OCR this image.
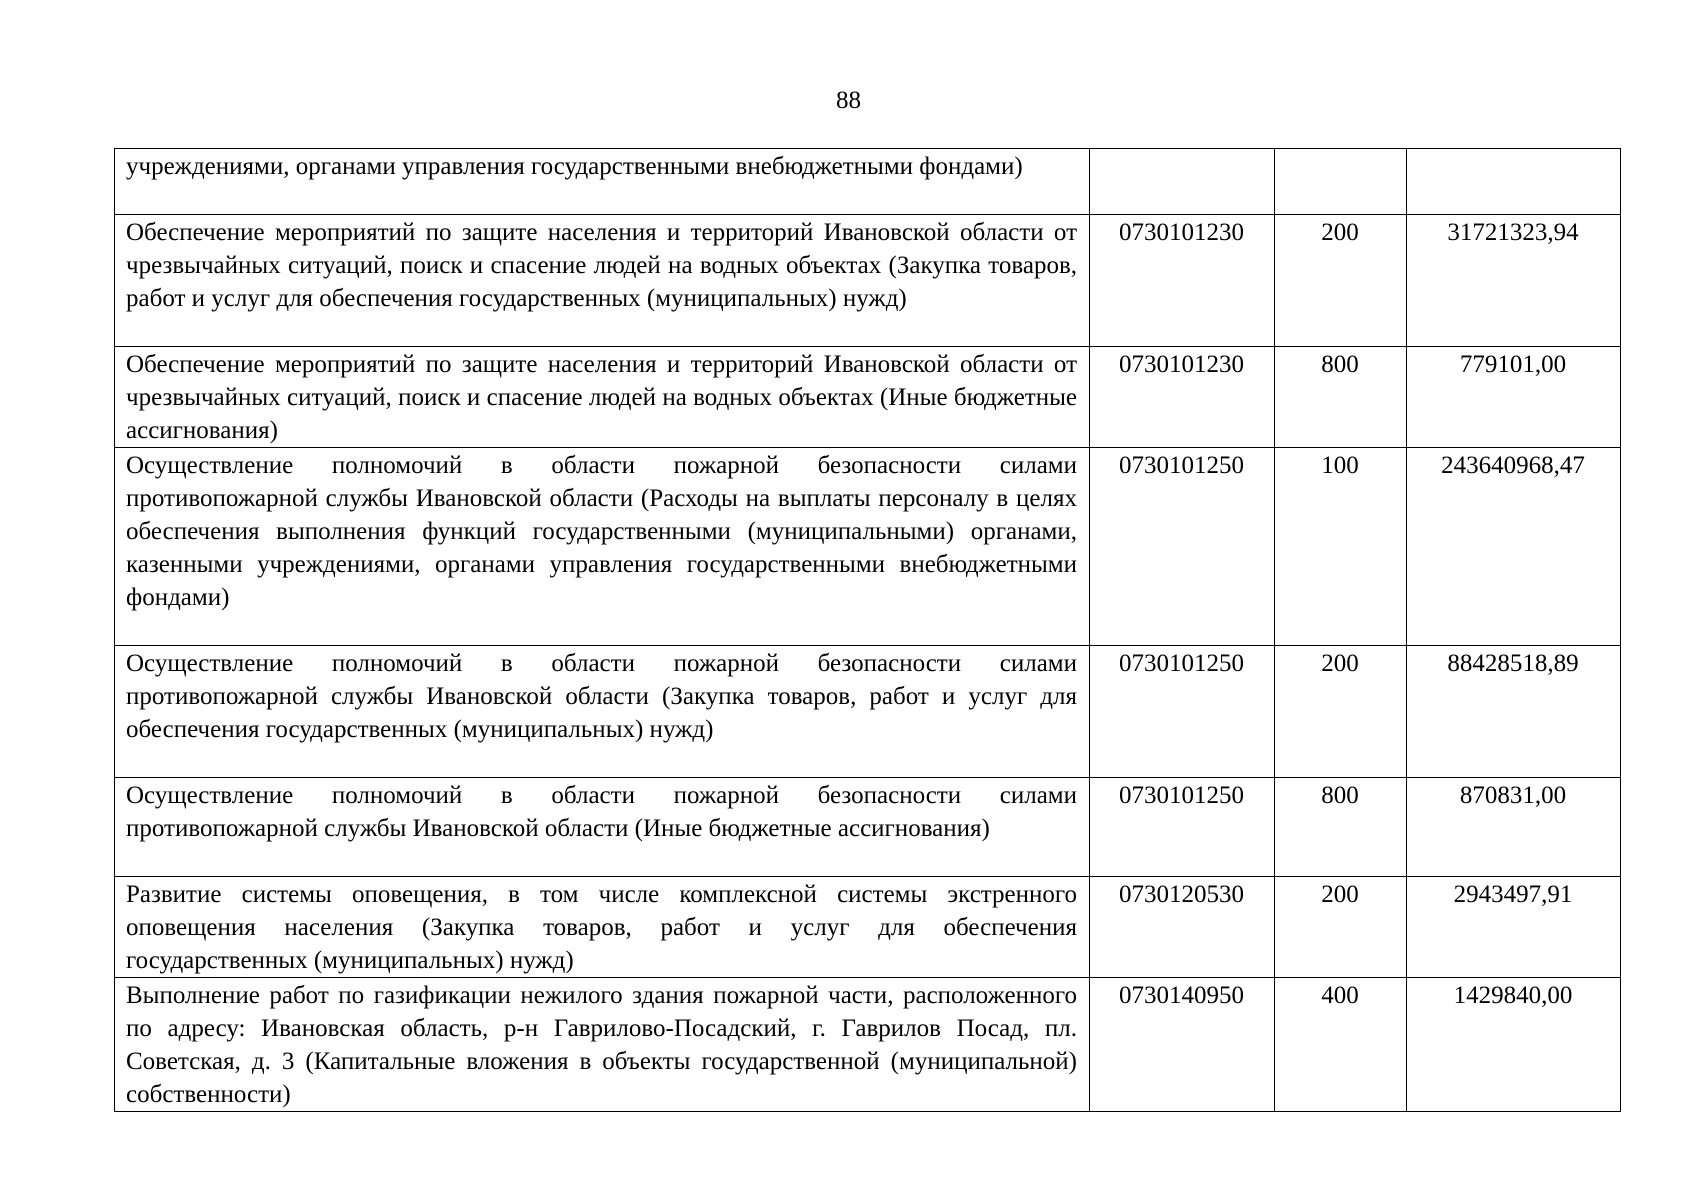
88
учреждениями, органами управления государственными внебюджетными фондами)			
Обеспечение мероприятий по защите населения и территорий Ивановской области от чрезвычайных ситуаций, поиск и спасение людей на водных объектах (Закупка товаров, работ и услуг для обеспечения государственных (муниципальных) нужд)	0730101230	200	31721323,94
Обеспечение мероприятий по защите населения и территорий Ивановской области от чрезвычайных ситуаций, поиск и спасение людей на водных объектах (Иные бюджетные ассигнования)	0730101230	800	779101,00
Осуществление полномочий в области пожарной безопасности силами противопожарной службы Ивановской области (Расходы на выплаты персоналу в целях обеспечения выполнения функций государственными (муниципальными) органами, казенными учреждениями, органами управления государственными внебюджетными фондами)	0730101250	100	243640968,47
Осуществление полномочий в области пожарной безопасности силами противопожарной службы Ивановской области (Закупка товаров, работ и услуг для обеспечения государственных (муниципальных) нужд)	0730101250	200	88428518,89
Осуществление полномочий в области пожарной безопасности силами противопожарной службы Ивановской области (Иные бюджетные ассигнования)	0730101250	800	870831,00
Развитие системы оповещения, в том числе комплексной системы экстренного оповещения населения (Закупка товаров, работ и услуг для обеспечения государственных (муниципальных) нужд)	0730120530	200	2943497,91
Выполнение работ по газификации нежилого здания пожарной части, расположенного по адресу: Ивановская область, р-н Гаврилово-Посадский, г. Гаврилов Посад, пл. Советская, д. 3 (Капитальные вложения в объекты государственной (муниципальной) собственности)	0730140950	400	1429840,00
